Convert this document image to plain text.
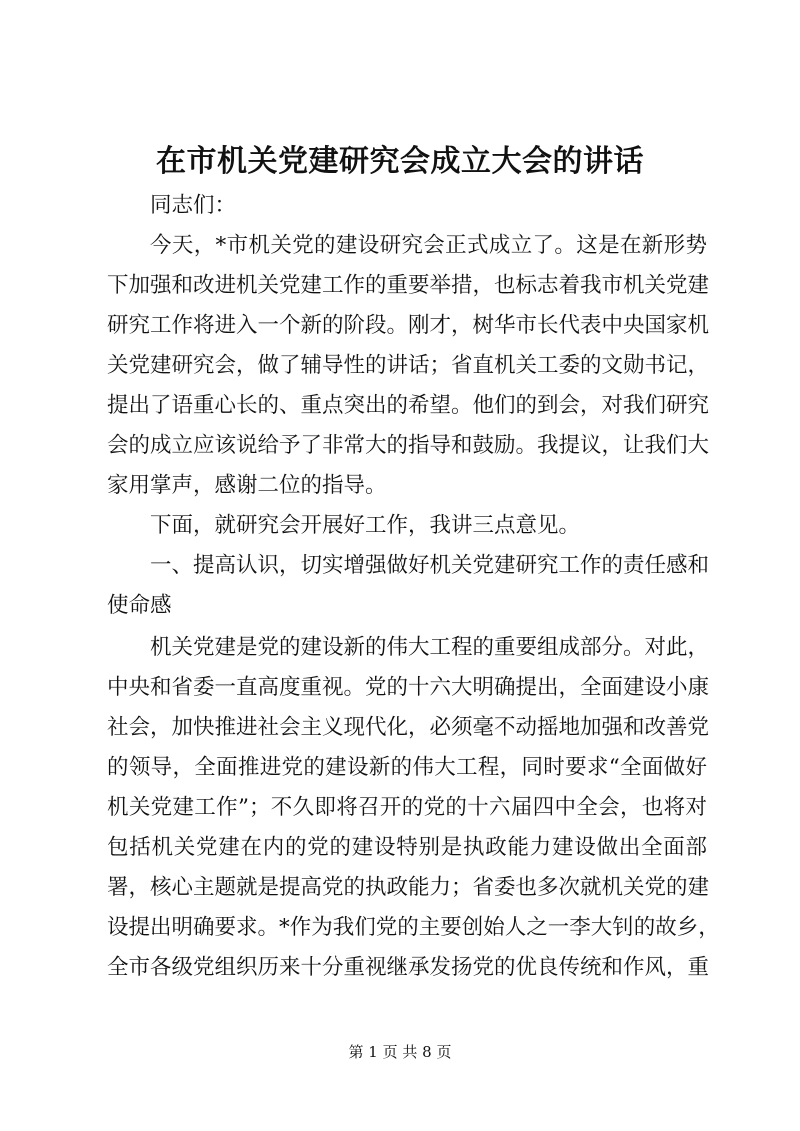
在市机关党建研究会成立大会的讲话
同志们：
今天，*市机关党的建设研究会正式成立了。这是在新形势
下加强和改进机关党建工作的重要举措，也标志着我市机关党建
研究工作将进入一个新的阶段。刚才，树华市长代表中央国家机
关党建研究会，做了辅导性的讲话；省直机关工委的文勋书记，
提出了语重心长的、重点突出的希望。他们的到会，对我们研究
会的成立应该说给予了非常大的指导和鼓励。我提议，让我们大
家用掌声，感谢二位的指导。
下面，就研究会开展好工作，我讲三点意见。
一、提高认识，切实增强做好机关党建研究工作的责任感和
使命感
机关党建是党的建设新的伟大工程的重要组成部分。对此，
中央和省委一直高度重视。党的十六大明确提出，全面建设小康
社会，加快推进社会主义现代化，必须毫不动摇地加强和改善党
的领导，全面推进党的建设新的伟大工程，同时要求“全面做好
机关党建工作”；不久即将召开的党的十六届四中全会，也将对
包括机关党建在内的党的建设特别是执政能力建设做出全面部
署，核心主题就是提高党的执政能力；省委也多次就机关党的建
设提出明确要求。*作为我们党的主要创始人之一李大钊的故乡，
全市各级党组织历来十分重视继承发扬党的优良传统和作风，重
第 1 页 共 8 页
